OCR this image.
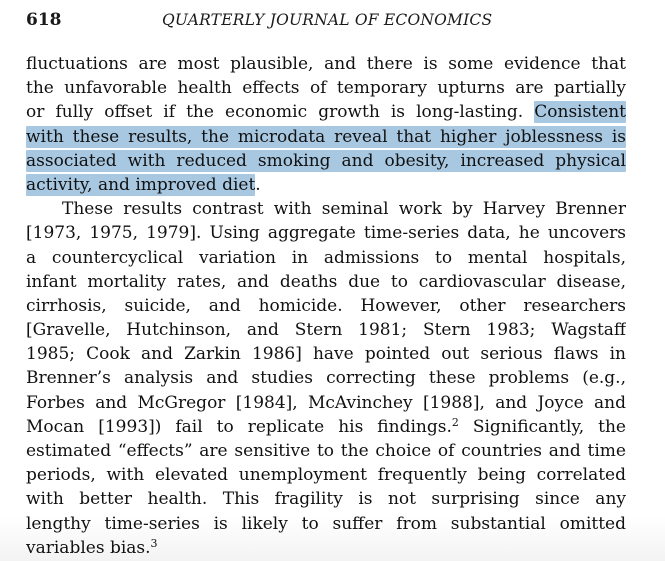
618	QUARTERLY JOURNAL OF ECONOMICS
fluctuations are most plausible, and there is some evidence that
the unfavorable health effects of temporary upturns are partially
or fully offset if the economic growth is long-lasting. Consistent
with these results, the microdata reveal that higher joblessness is
associated with reduced smoking and obesity, increased physical
activity, and improved diet.
These results contrast with seminal work by Harvey Brenner
[1973, 1975, 1979]. Using aggregate time-series data, he uncovers
a countercyclical variation in admissions to mental hospitals,
infant mortality rates, and deaths due to cardiovascular disease,
cirrhosis, suicide, and homicide. However, other researchers
[Gravelle, Hutchinson, and Stern 1981; Stern 1983; Wagstaff
1985; Cook and Zarkin 1986] have pointed out serious flaws in
Brenner’s analysis and studies correcting these problems (e.g.,
Forbes and McGregor [1984], McAvinchey [1988], and Joyce and
Mocan [1993]) fail to replicate his findings.$^2$ Significantly, the
estimated “effects” are sensitive to the choice of countries and time
periods, with elevated unemployment frequently being correlated
with better health. This fragility is not surprising since any
lengthy time-series is likely to suffer from substantial omitted
variables bias.$^3$
